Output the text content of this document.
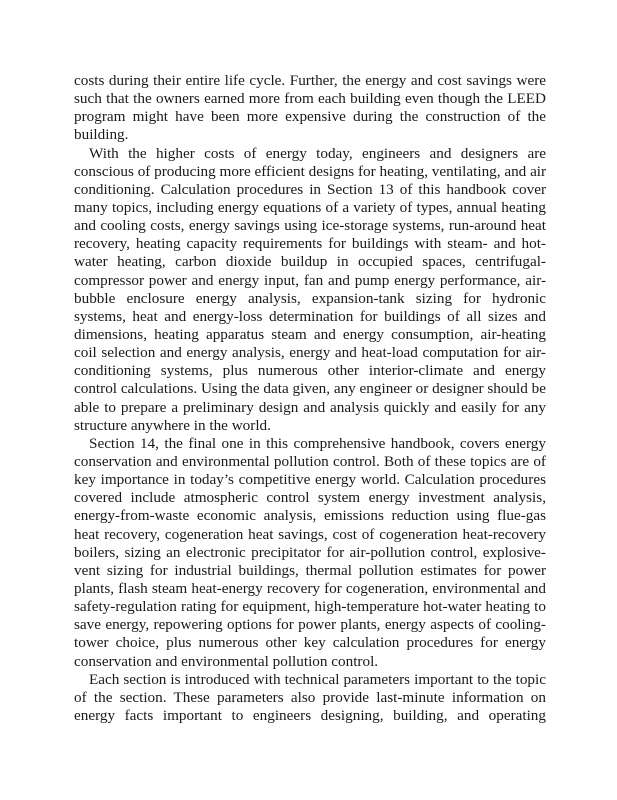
costs during their entire life cycle. Further, the energy and cost savings were
such that the owners earned more from each building even though the LEED
program might have been more expensive during the construction of the
building.
With the higher costs of energy today, engineers and designers are
conscious of producing more efficient designs for heating, ventilating, and air
conditioning. Calculation procedures in Section 13 of this handbook cover
many topics, including energy equations of a variety of types, annual heating
and cooling costs, energy savings using ice-storage systems, run-around heat
recovery, heating capacity requirements for buildings with steam- and hot-
water heating, carbon dioxide buildup in occupied spaces, centrifugal-
compressor power and energy input, fan and pump energy performance, air-
bubble enclosure energy analysis, expansion-tank sizing for hydronic
systems, heat and energy-loss determination for buildings of all sizes and
dimensions, heating apparatus steam and energy consumption, air-heating
coil selection and energy analysis, energy and heat-load computation for air-
conditioning systems, plus numerous other interior-climate and energy
control calculations. Using the data given, any engineer or designer should be
able to prepare a preliminary design and analysis quickly and easily for any
structure anywhere in the world.
Section 14, the final one in this comprehensive handbook, covers energy
conservation and environmental pollution control. Both of these topics are of
key importance in today’s competitive energy world. Calculation procedures
covered include atmospheric control system energy investment analysis,
energy-from-waste economic analysis, emissions reduction using flue-gas
heat recovery, cogeneration heat savings, cost of cogeneration heat-recovery
boilers, sizing an electronic precipitator for air-pollution control, explosive-
vent sizing for industrial buildings, thermal pollution estimates for power
plants, flash steam heat-energy recovery for cogeneration, environmental and
safety-regulation rating for equipment, high-temperature hot-water heating to
save energy, repowering options for power plants, energy aspects of cooling-
tower choice, plus numerous other key calculation procedures for energy
conservation and environmental pollution control.
Each section is introduced with technical parameters important to the topic
of the section. These parameters also provide last-minute information on
energy facts important to engineers designing, building, and operating
